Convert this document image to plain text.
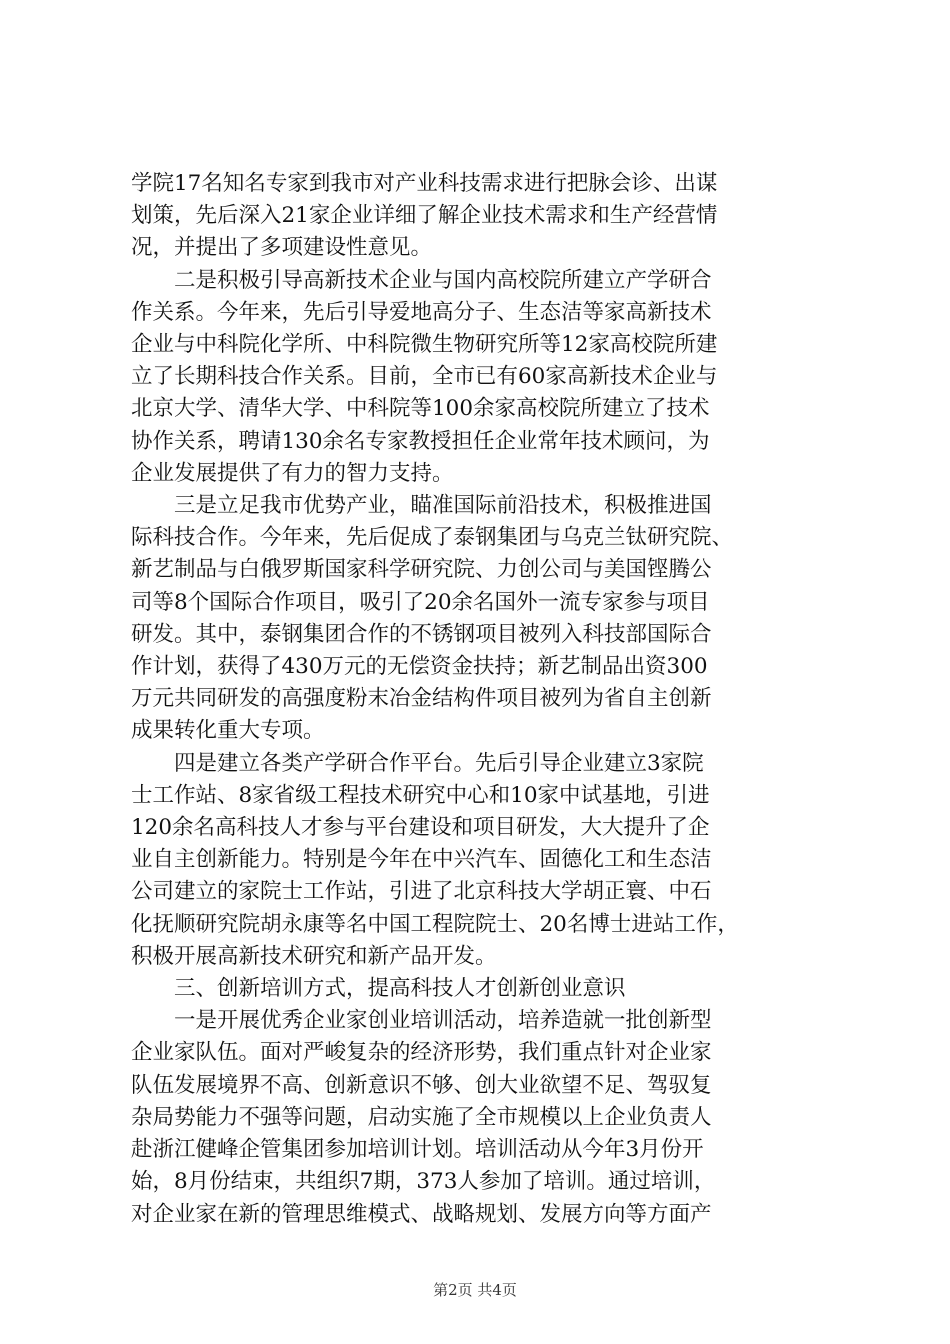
学院17名知名专家到我市对产业科技需求进行把脉会诊、出谋
划策，先后深入21家企业详细了解企业技术需求和生产经营情
况，并提出了多项建设性意见。

　　二是积极引导高新技术企业与国内高校院所建立产学研合
作关系。今年来，先后引导爱地高分子、生态洁等家高新技术
企业与中科院化学所、中科院微生物研究所等12家高校院所建
立了长期科技合作关系。目前，全市已有60家高新技术企业与
北京大学、清华大学、中科院等100余家高校院所建立了技术
协作关系，聘请130余名专家教授担任企业常年技术顾问，为
企业发展提供了有力的智力支持。

　　三是立足我市优势产业，瞄准国际前沿技术，积极推进国
际科技合作。今年来，先后促成了泰钢集团与乌克兰钛研究院、
新艺制品与白俄罗斯国家科学研究院、力创公司与美国铿腾公
司等8个国际合作项目，吸引了20余名国外一流专家参与项目
研发。其中，泰钢集团合作的不锈钢项目被列入科技部国际合
作计划，获得了430万元的无偿资金扶持；新艺制品出资300
万元共同研发的高强度粉末冶金结构件项目被列为省自主创新
成果转化重大专项。

　　四是建立各类产学研合作平台。先后引导企业建立3家院
士工作站、8家省级工程技术研究中心和10家中试基地，引进
120余名高科技人才参与平台建设和项目研发，大大提升了企
业自主创新能力。特别是今年在中兴汽车、固德化工和生态洁
公司建立的家院士工作站，引进了北京科技大学胡正寰、中石
化抚顺研究院胡永康等名中国工程院院士、20名博士进站工作，
积极开展高新技术研究和新产品开发。

　　三、创新培训方式，提高科技人才创新创业意识

　　一是开展优秀企业家创业培训活动，培养造就一批创新型
企业家队伍。面对严峻复杂的经济形势，我们重点针对企业家
队伍发展境界不高、创新意识不够、创大业欲望不足、驾驭复
杂局势能力不强等问题，启动实施了全市规模以上企业负责人
赴浙江健峰企管集团参加培训计划。培训活动从今年3月份开
始，8月份结束，共组织7期，373人参加了培训。通过培训，
对企业家在新的管理思维模式、战略规划、发展方向等方面产

第2页 共4页
